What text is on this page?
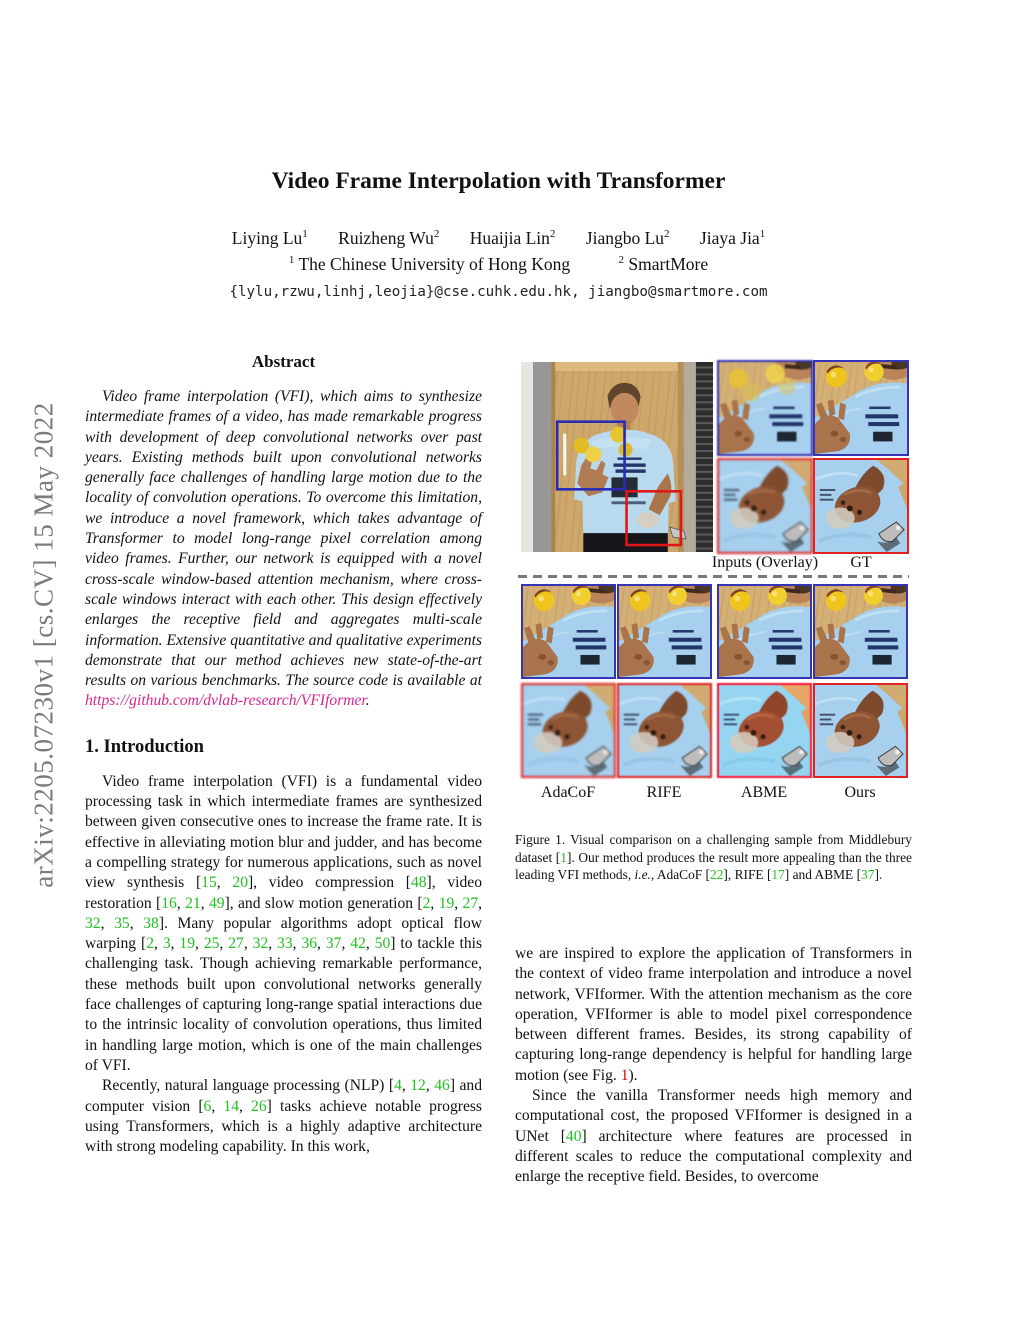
arXiv:2205.07230v1 [cs.CV] 15 May 2022
Video Frame Interpolation with Transformer
Liying Lu$^1$ Ruizheng Wu$^2$ Huaijia Lin$^2$ Jiangbo Lu$^2$ Jiaya Jia$^1$
$^1$ The Chinese University of Hong Kong	$^2$ SmartMore
{lylu,rzwu,linhj,leojia}@cse.cuhk.edu.hk, jiangbo@smartmore.com
Abstract

Video frame interpolation (VFI), which aims to synthesize intermediate frames of a video, has made remarkable progress with development of deep convolutional networks over past years. Existing methods built upon convolutional networks generally face challenges of handling large motion due to the locality of convolution operations. To overcome this limitation, we introduce a novel framework, which takes advantage of Transformer to model long-range pixel correlation among video frames. Further, our network is equipped with a novel cross-scale window-based attention mechanism, where cross-scale windows interact with each other. This design effectively enlarges the receptive field and aggregates multi-scale information. Extensive quantitative and qualitative experiments demonstrate that our method achieves new state-of-the-art results on various benchmarks. The source code is available at https://github.com/dvlab-research/VFIformer.

1. Introduction

Video frame interpolation (VFI) is a fundamental video processing task in which intermediate frames are synthesized between given consecutive ones to increase the frame rate. It is effective in alleviating motion blur and judder, and has become a compelling strategy for numerous applications, such as novel view synthesis [15, 20], video compression [48], video restoration [16, 21, 49], and slow motion generation [2, 19, 27, 32, 35, 38]. Many popular algorithms adopt optical flow warping [2, 3, 19, 25, 27, 32, 33, 36, 37, 42, 50] to tackle this challenging task. Though achieving remarkable performance, these methods built upon convolutional networks generally face challenges of capturing long-range spatial interactions due to the intrinsic locality of convolution operations, thus limited in handling large motion, which is one of the main challenges of VFI.

Recently, natural language processing (NLP) [4, 12, 46] and computer vision [6, 14, 26] tasks achieve notable progress using Transformers, which is a highly adaptive architecture with strong modeling capability. In this work,

Inputs (Overlay) GT
AdaCoF	RIFE	ABME	Ours

Figure 1. Visual comparison on a challenging sample from Middlebury dataset [1]. Our method produces the result more appealing than the three leading VFI methods, i.e., AdaCoF [22], RIFE [17] and ABME [37].

we are inspired to explore the application of Transformers in the context of video frame interpolation and introduce a novel network, VFIformer. With the attention mechanism as the core operation, VFIformer is able to model pixel correspondence between different frames. Besides, its strong capability of capturing long-range dependency is helpful for handling large motion (see Fig. 1).

Since the vanilla Transformer needs high memory and computational cost, the proposed VFIformer is designed in a UNet [40] architecture where features are processed in different scales to reduce the computational complexity and enlarge the receptive field. Besides, to overcome
